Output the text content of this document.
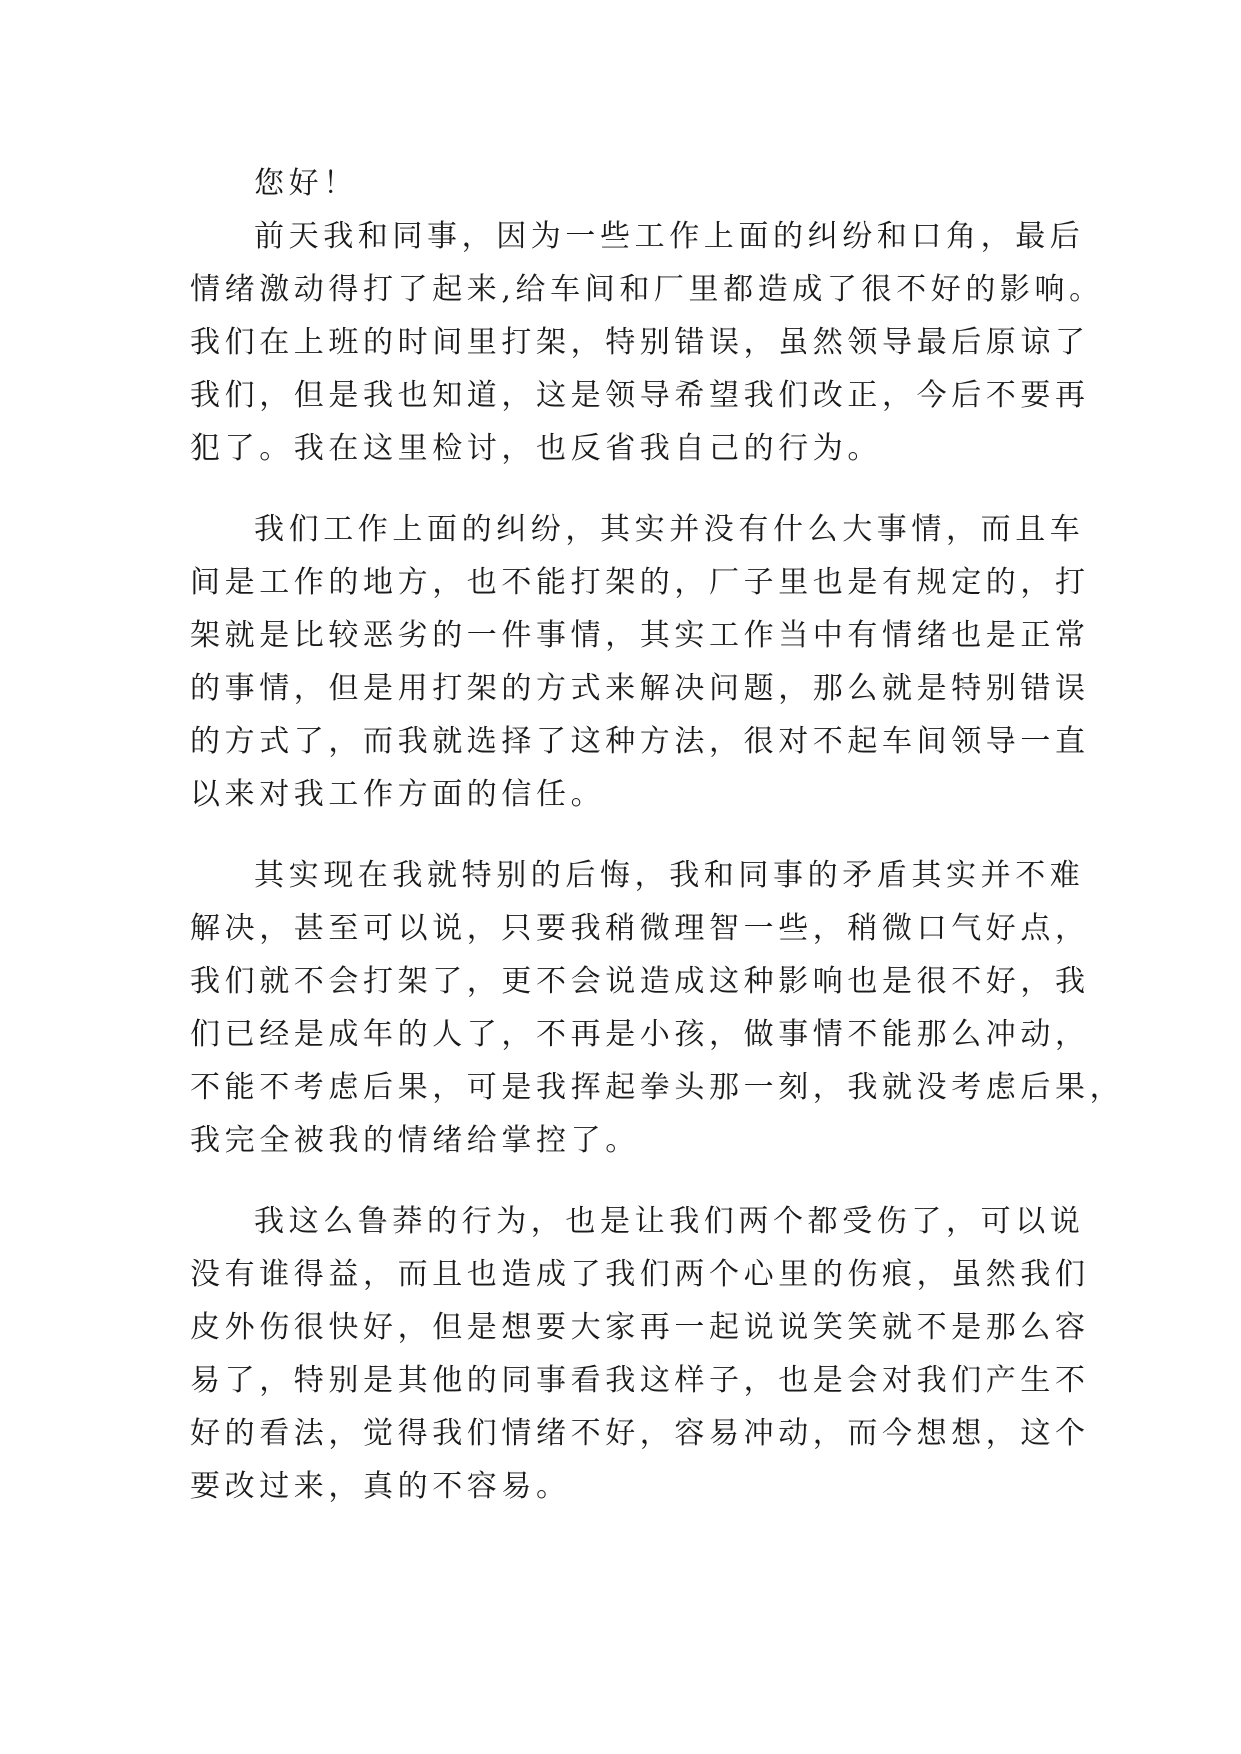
您好！

前天我和同事，因为一些工作上面的纠纷和口角，最后

情绪激动得打了起来,给车间和厂里都造成了很不好的影响。

我们在上班的时间里打架，特别错误，虽然领导最后原谅了

我们，但是我也知道，这是领导希望我们改正，今后不要再

犯了。我在这里检讨，也反省我自己的行为。

我们工作上面的纠纷，其实并没有什么大事情，而且车

间是工作的地方，也不能打架的，厂子里也是有规定的，打

架就是比较恶劣的一件事情，其实工作当中有情绪也是正常

的事情，但是用打架的方式来解决问题，那么就是特别错误

的方式了，而我就选择了这种方法，很对不起车间领导一直

以来对我工作方面的信任。

其实现在我就特别的后悔，我和同事的矛盾其实并不难

解决，甚至可以说，只要我稍微理智一些，稍微口气好点，

我们就不会打架了，更不会说造成这种影响也是很不好，我

们已经是成年的人了，不再是小孩，做事情不能那么冲动，

不能不考虑后果，可是我挥起拳头那一刻，我就没考虑后果，

我完全被我的情绪给掌控了。

我这么鲁莽的行为，也是让我们两个都受伤了，可以说

没有谁得益，而且也造成了我们两个心里的伤痕，虽然我们

皮外伤很快好，但是想要大家再一起说说笑笑就不是那么容

易了，特别是其他的同事看我这样子，也是会对我们产生不

好的看法，觉得我们情绪不好，容易冲动，而今想想，这个

要改过来，真的不容易。
